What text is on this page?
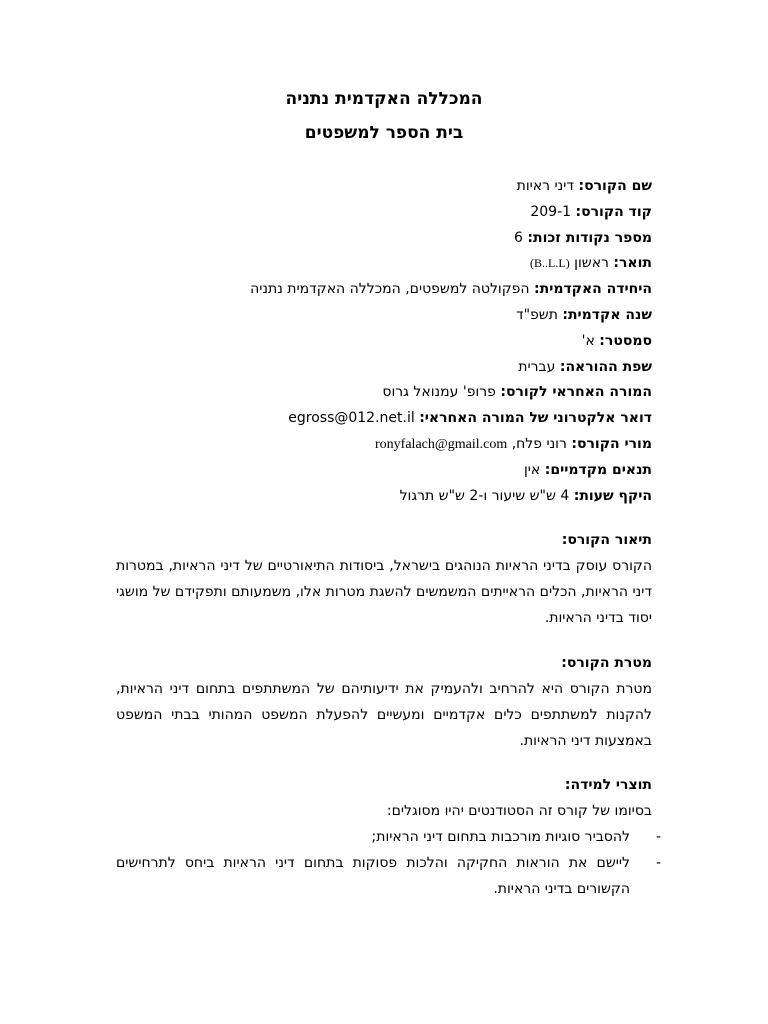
המכללה האקדמית נתניה
בית הספר למשפטים
שם הקורס: דיני ראיות
קוד הקורס: 209-1
מספר נקודות זכות: 6
תואר: ראשון (B..L.L)
היחידה האקדמית: הפקולטה למשפטים, המכללה האקדמית נתניה
שנה אקדמית: תשפ"ד
סמסטר: א'
שפת ההוראה: עברית
המורה האחראי לקורס: פרופ' עמנואל גרוס
דואר אלקטרוני של המורה האחראי: egross@012.net.il
מורי הקורס: רוני פלח, ronyfalach@gmail.com
תנאים מקדמיים: אין
היקף שעות: 4 ש"ש שיעור ו-2 ש"ש תרגול
תיאור הקורס:

הקורס עוסק בדיני הראיות הנוהגים בישראל, ביסודות התיאורטיים של דיני הראיות, במטרות דיני הראיות, הכלים הראייתים המשמשים להשגת מטרות אלו, משמעותם ותפקידם של מושגי יסוד בדיני הראיות.

מטרת הקורס:

מטרת הקורס היא להרחיב ולהעמיק את ידיעותיהם של המשתתפים בתחום דיני הראיות, להקנות למשתתפים כלים אקדמיים ומעשיים להפעלת המשפט המהותי בבתי המשפט באמצעות דיני הראיות.

תוצרי למידה:

בסיומו של קורס זה הסטודנטים יהיו מסוגלים:

-
להסביר סוגיות מורכבות בתחום דיני הראיות;
-
ליישם את הוראות החקיקה והלכות פסוקות בתחום דיני הראיות ביחס לתרחישים הקשורים בדיני הראיות.
